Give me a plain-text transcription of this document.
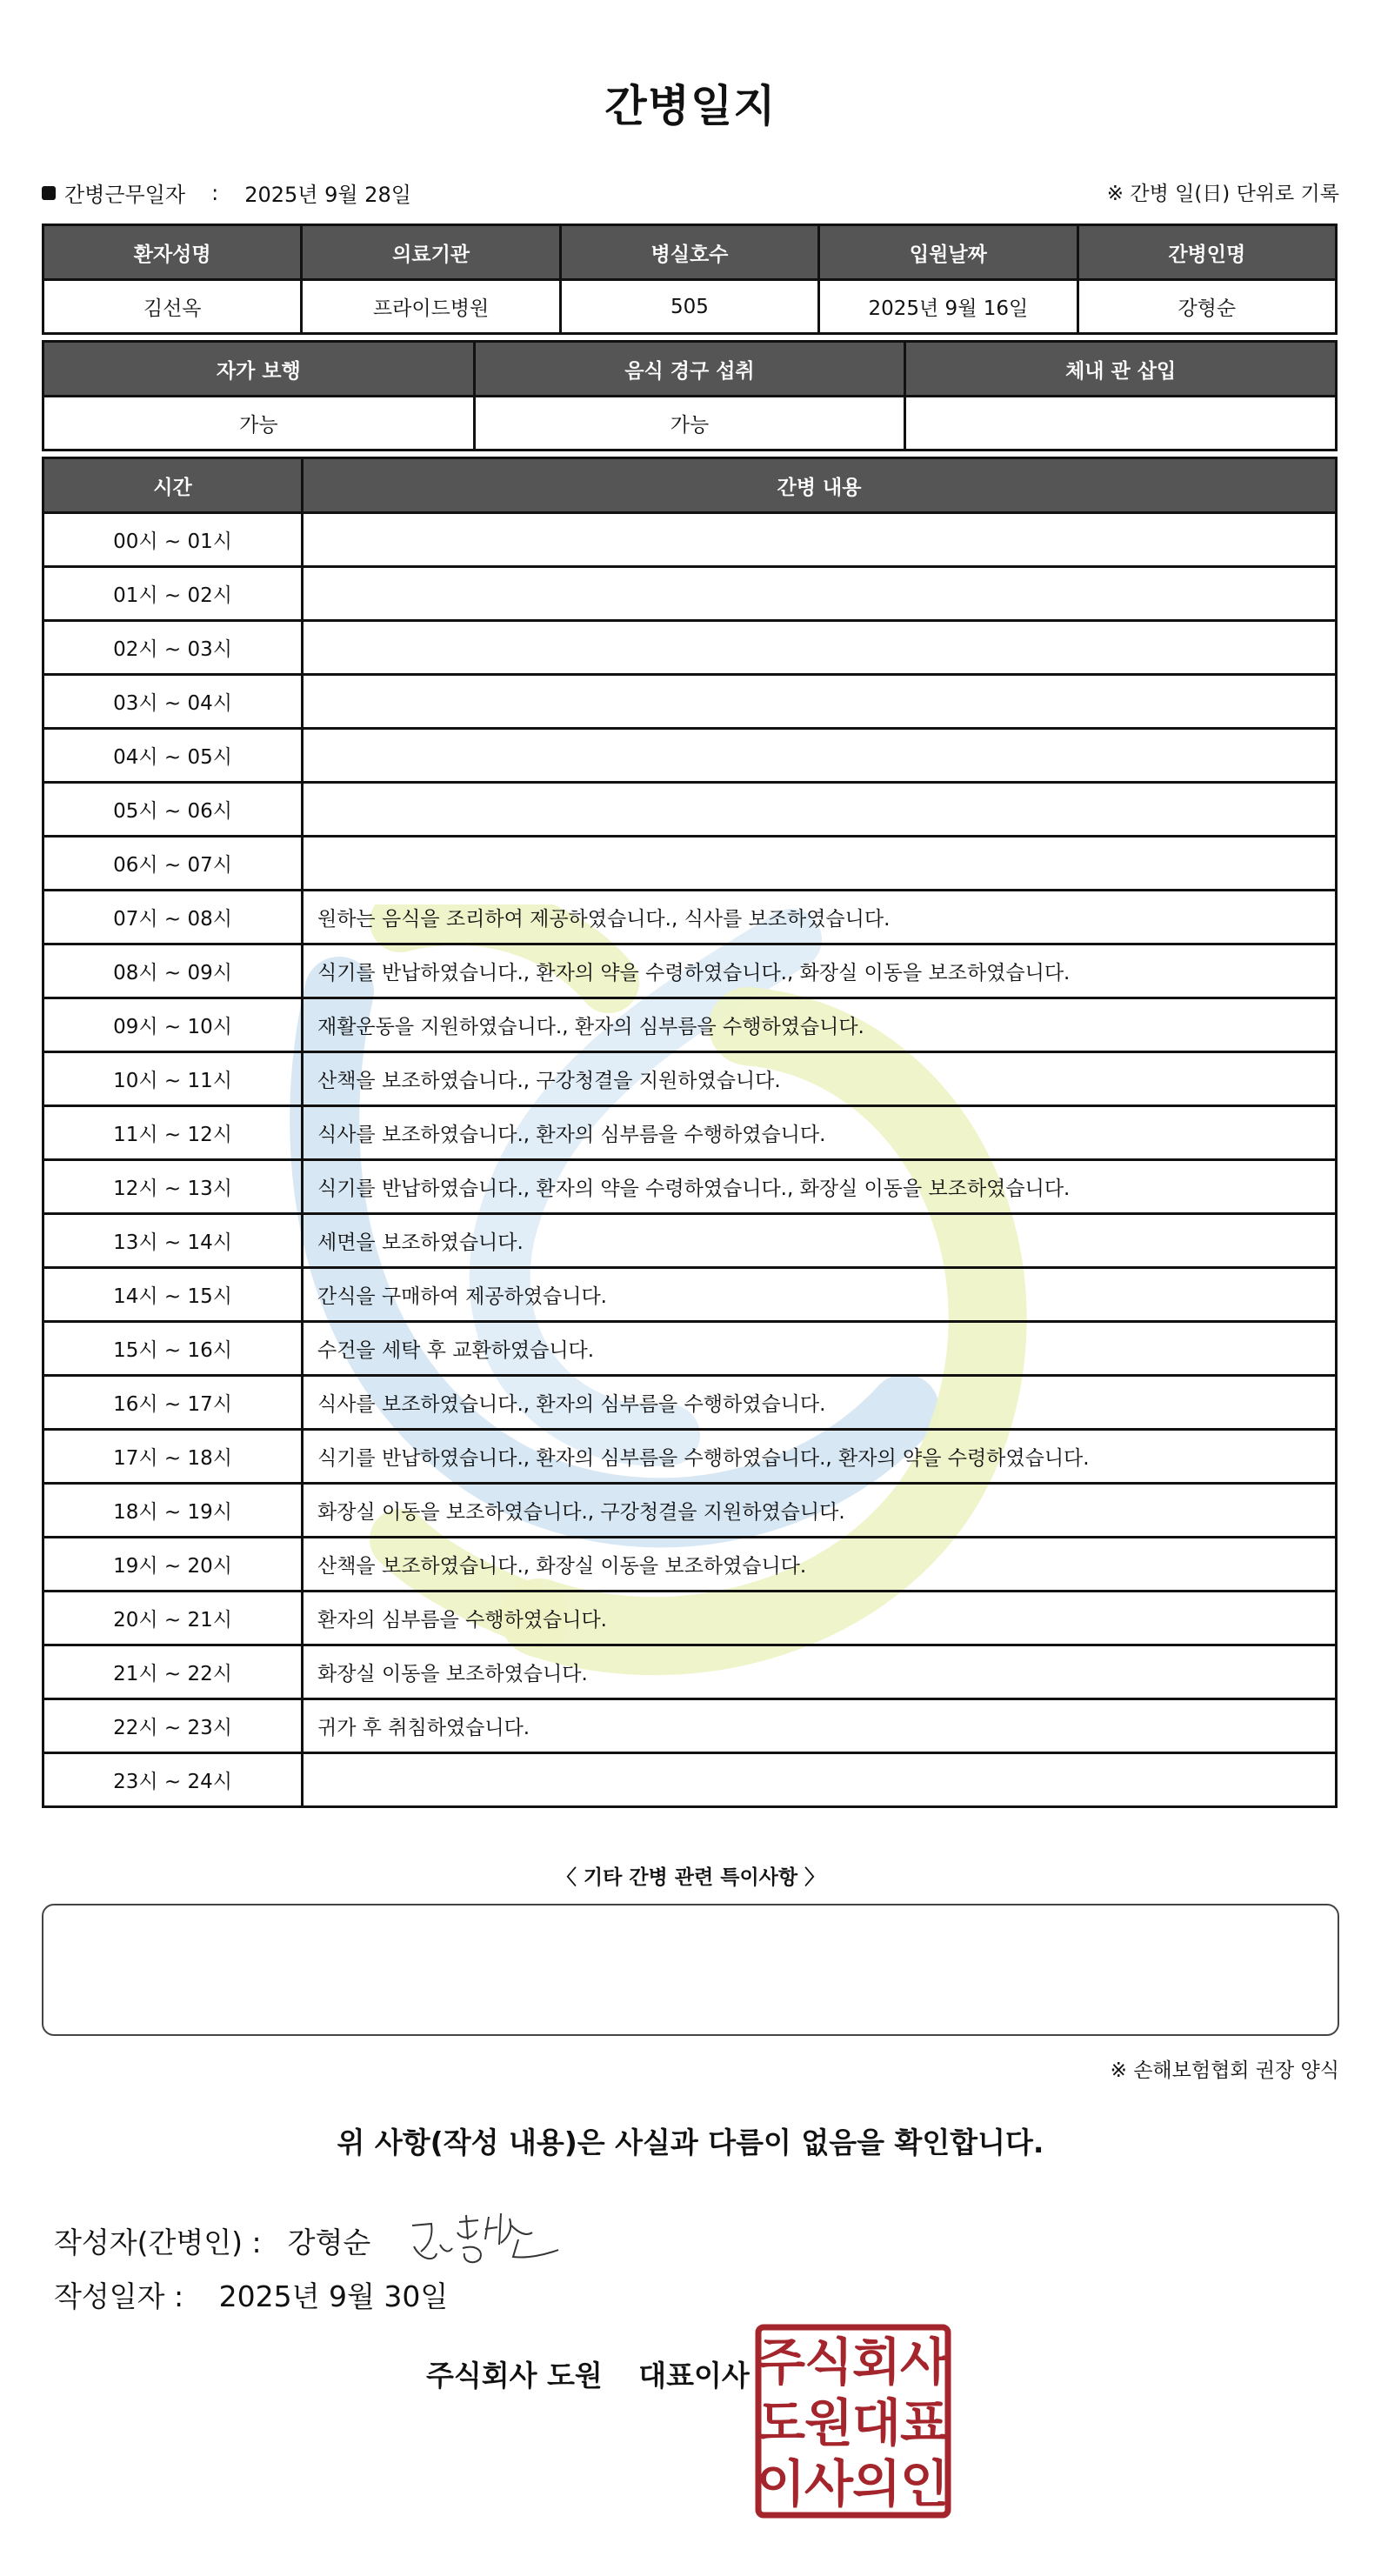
간병일지
간병근무일자 : 2025년 9월 28일	※ 간병 일(日) 단위로 기록
환자성명	의료기관	병실호수	입원날짜	간병인명
김선옥	프라이드병원	505	2025년 9월 16일	강형순
자가 보행	음식 경구 섭취	체내 관 삽입
가능	가능	
시간	간병 내용
00시 ~ 01시	
01시 ~ 02시	
02시 ~ 03시	
03시 ~ 04시	
04시 ~ 05시	
05시 ~ 06시	
06시 ~ 07시	
07시 ~ 08시	원하는 음식을 조리하여 제공하였습니다., 식사를 보조하였습니다.
08시 ~ 09시	식기를 반납하였습니다., 환자의 약을 수령하였습니다., 화장실 이동을 보조하였습니다.
09시 ~ 10시	재활운동을 지원하였습니다., 환자의 심부름을 수행하였습니다.
10시 ~ 11시	산책을 보조하였습니다., 구강청결을 지원하였습니다.
11시 ~ 12시	식사를 보조하였습니다., 환자의 심부름을 수행하였습니다.
12시 ~ 13시	식기를 반납하였습니다., 환자의 약을 수령하였습니다., 화장실 이동을 보조하였습니다.
13시 ~ 14시	세면을 보조하였습니다.
14시 ~ 15시	간식을 구매하여 제공하였습니다.
15시 ~ 16시	수건을 세탁 후 교환하였습니다.
16시 ~ 17시	식사를 보조하였습니다., 환자의 심부름을 수행하였습니다.
17시 ~ 18시	식기를 반납하였습니다., 환자의 심부름을 수행하였습니다., 환자의 약을 수령하였습니다.
18시 ~ 19시	화장실 이동을 보조하였습니다., 구강청결을 지원하였습니다.
19시 ~ 20시	산책을 보조하였습니다., 화장실 이동을 보조하였습니다.
20시 ~ 21시	환자의 심부름을 수행하였습니다.
21시 ~ 22시	화장실 이동을 보조하였습니다.
22시 ~ 23시	귀가 후 취침하였습니다.
23시 ~ 24시	
〈 기타 간병 관련 특이사항 〉
※ 손해보험협회 권장 양식
위 사항(작성 내용)은 사실과 다름이 없음을 확인합니다.
작성자(간병인) : 강형순
작성일자 : 2025년 9월 30일
주식회사 도원 대표이사 주
식
회
사
도
원
대
표
이
사
의
인
